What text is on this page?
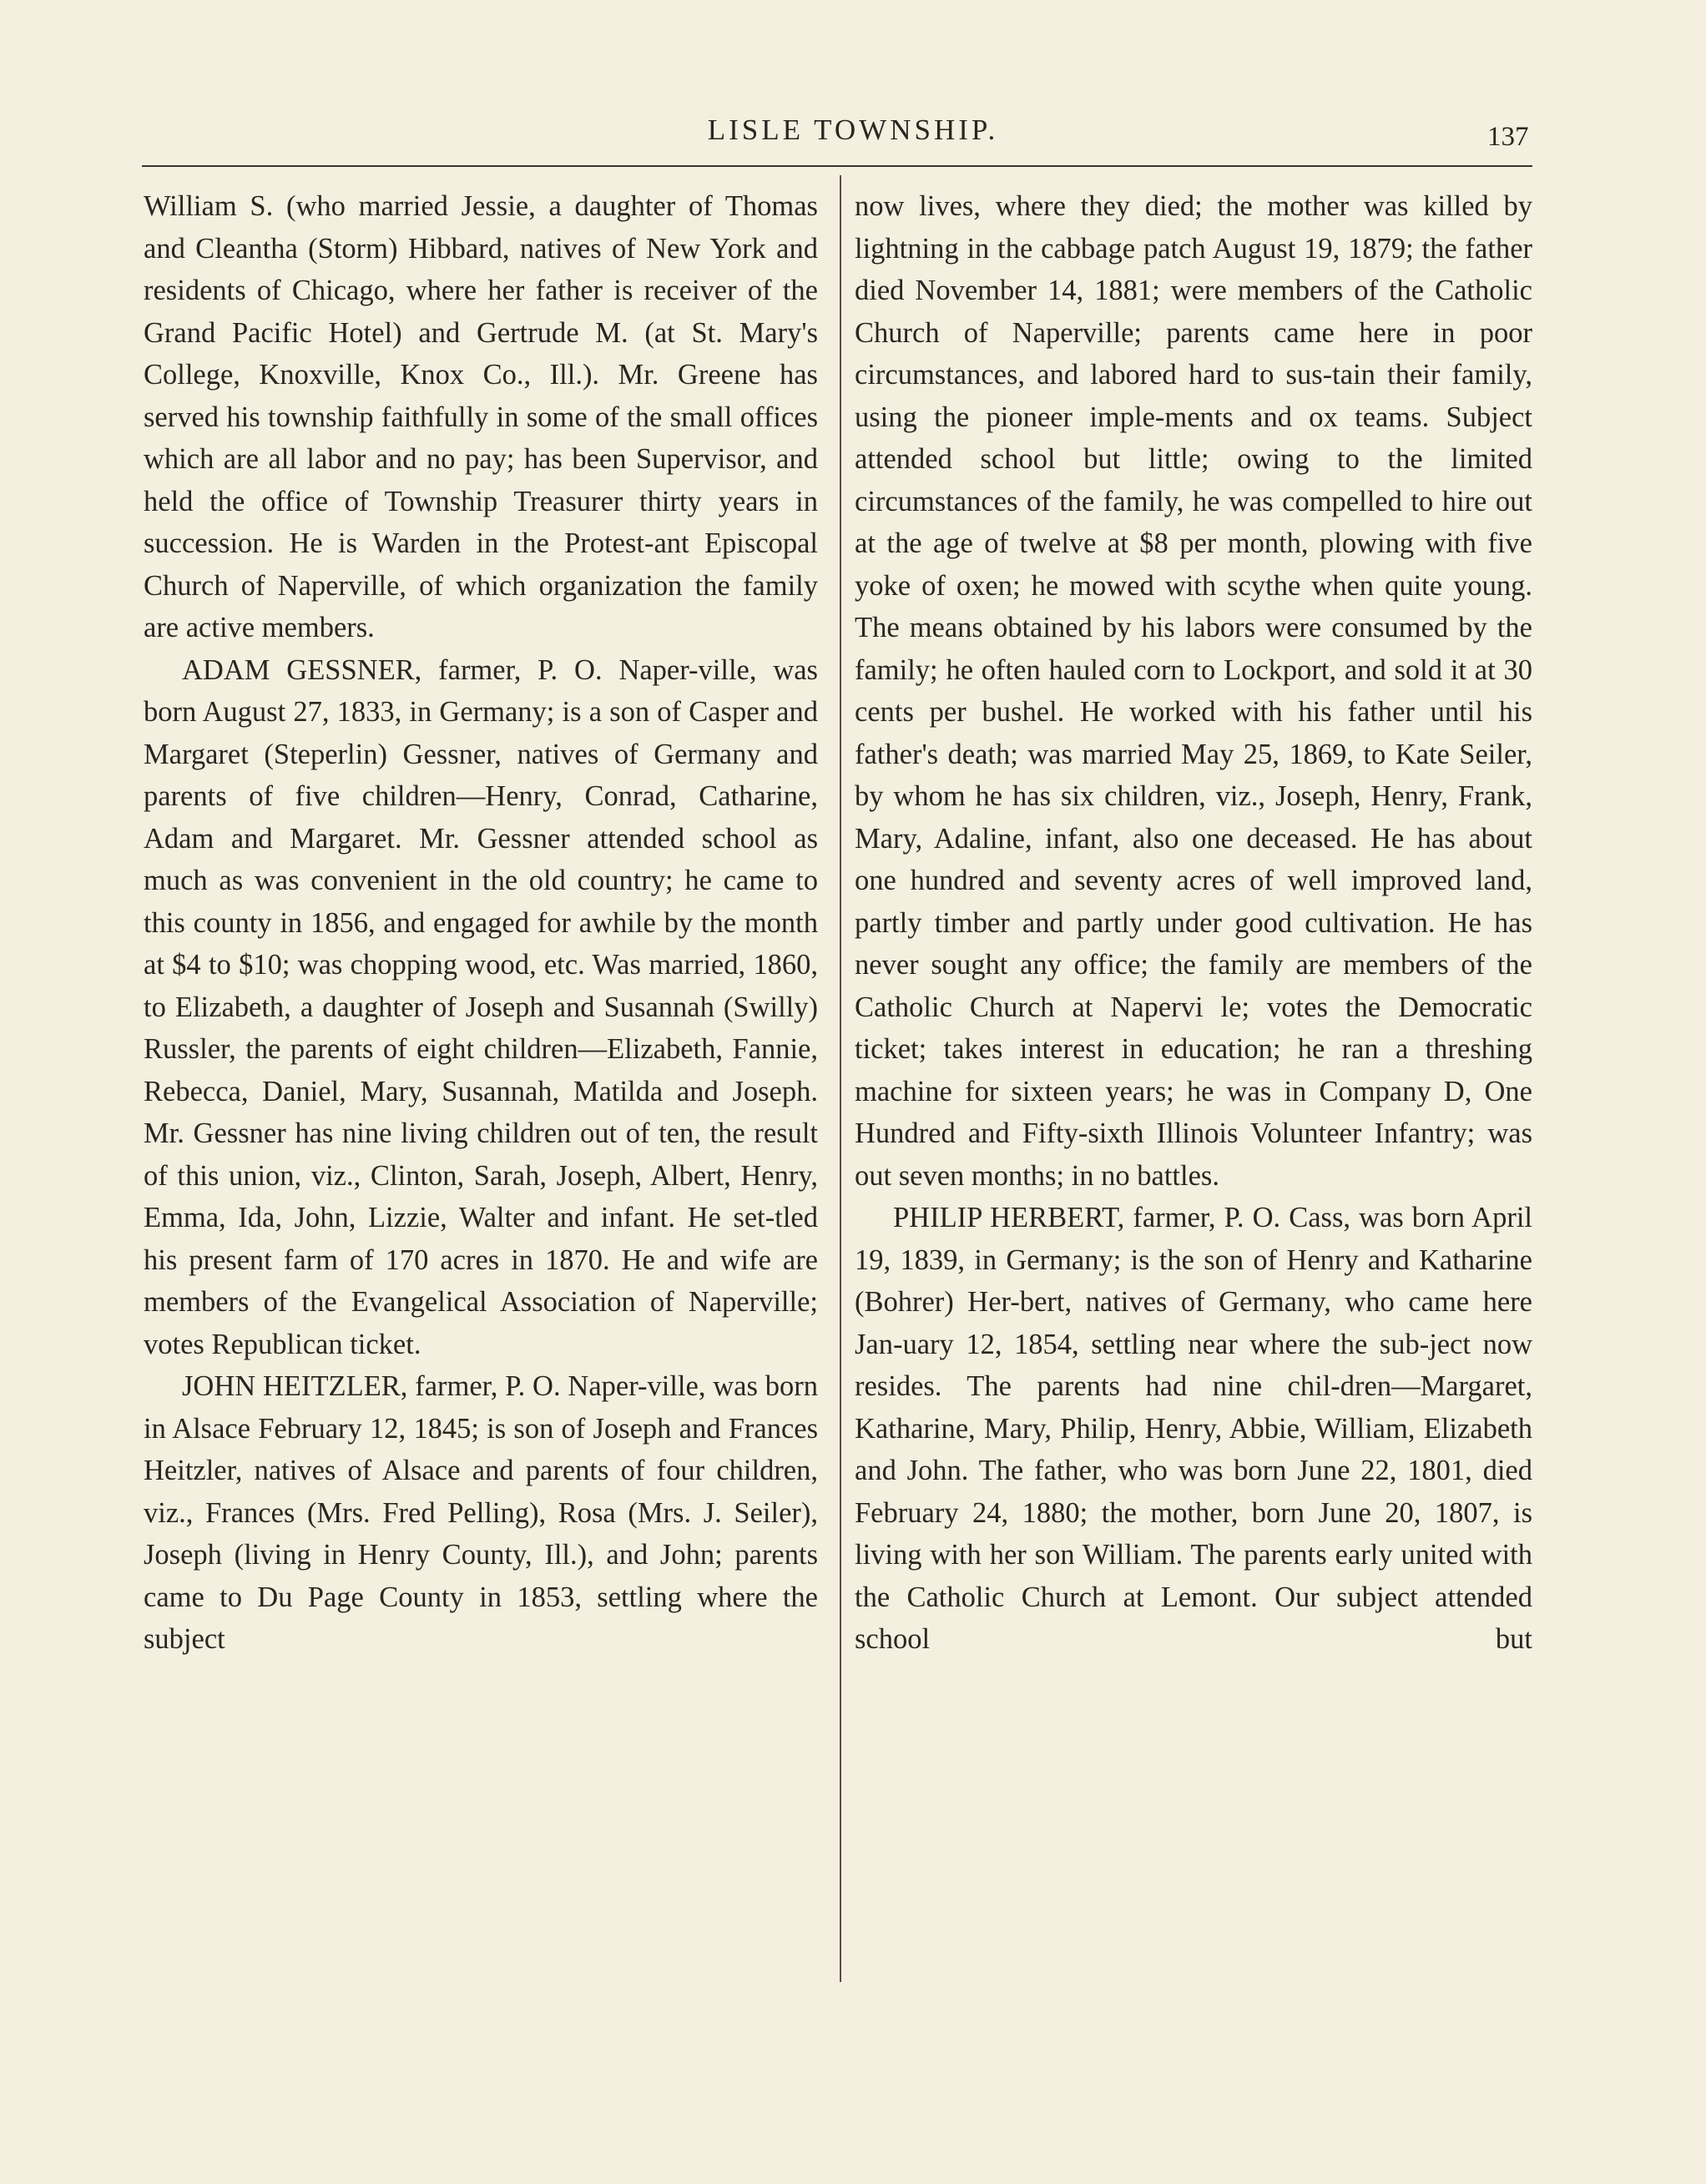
LISLE TOWNSHIP.	137

William S. (who married Jessie, a daughter of Thomas and Cleantha (Storm) Hibbard, natives of New York and residents of Chicago, where her father is receiver of the Grand Pacific Hotel) and Gertrude M. (at St. Mary's College, Knoxville, Knox Co., Ill.). Mr. Greene has served his township faithfully in some of the small offices which are all labor and no pay; has been Supervisor, and held the office of Township Treasurer thirty years in succession. He is Warden in the Protest-ant Episcopal Church of Naperville, of which organization the family are active members.

ADAM GESSNER, farmer, P. O. Naper-ville, was born August 27, 1833, in Germany; is a son of Casper and Margaret (Steperlin) Gessner, natives of Germany and parents of five children—Henry, Conrad, Catharine, Adam and Margaret. Mr. Gessner attended school as much as was convenient in the old country; he came to this county in 1856, and engaged for awhile by the month at $4 to $10; was chopping wood, etc. Was married, 1860, to Elizabeth, a daughter of Joseph and Susannah (Swilly) Russler, the parents of eight children—Elizabeth, Fannie, Rebecca, Daniel, Mary, Susannah, Matilda and Joseph. Mr. Gessner has nine living children out of ten, the result of this union, viz., Clinton, Sarah, Joseph, Albert, Henry, Emma, Ida, John, Lizzie, Walter and infant. He set-tled his present farm of 170 acres in 1870. He and wife are members of the Evangelical Association of Naperville; votes Republican ticket.

JOHN HEITZLER, farmer, P. O. Naper-ville, was born in Alsace February 12, 1845; is son of Joseph and Frances Heitzler, natives of Alsace and parents of four children, viz., Frances (Mrs. Fred Pelling), Rosa (Mrs. J. Seiler), Joseph (living in Henry County, Ill.), and John; parents came to Du Page County in 1853, settling where the subject

now lives, where they died; the mother was killed by lightning in the cabbage patch August 19, 1879; the father died November 14, 1881; were members of the Catholic Church of Naperville; parents came here in poor circumstances, and labored hard to sus-tain their family, using the pioneer imple-ments and ox teams. Subject attended school but little; owing to the limited circumstances of the family, he was compelled to hire out at the age of twelve at $8 per month, plowing with five yoke of oxen; he mowed with scythe when quite young. The means obtained by his labors were consumed by the family; he often hauled corn to Lockport, and sold it at 30 cents per bushel. He worked with his father until his father's death; was married May 25, 1869, to Kate Seiler, by whom he has six children, viz., Joseph, Henry, Frank, Mary, Adaline, infant, also one deceased. He has about one hundred and seventy acres of well improved land, partly timber and partly under good cultivation. He has never sought any office; the family are members of the Catholic Church at Napervi le; votes the Democratic ticket; takes interest in education; he ran a threshing machine for sixteen years; he was in Company D, One Hundred and Fifty-sixth Illinois Volunteer Infantry; was out seven months; in no battles.

PHILIP HERBERT, farmer, P. O. Cass, was born April 19, 1839, in Germany; is the son of Henry and Katharine (Bohrer) Her-bert, natives of Germany, who came here Jan-uary 12, 1854, settling near where the sub-ject now resides. The parents had nine chil-dren—Margaret, Katharine, Mary, Philip, Henry, Abbie, William, Elizabeth and John. The father, who was born June 22, 1801, died February 24, 1880; the mother, born June 20, 1807, is living with her son William. The parents early united with the Catholic Church at Lemont. Our subject attended school but
